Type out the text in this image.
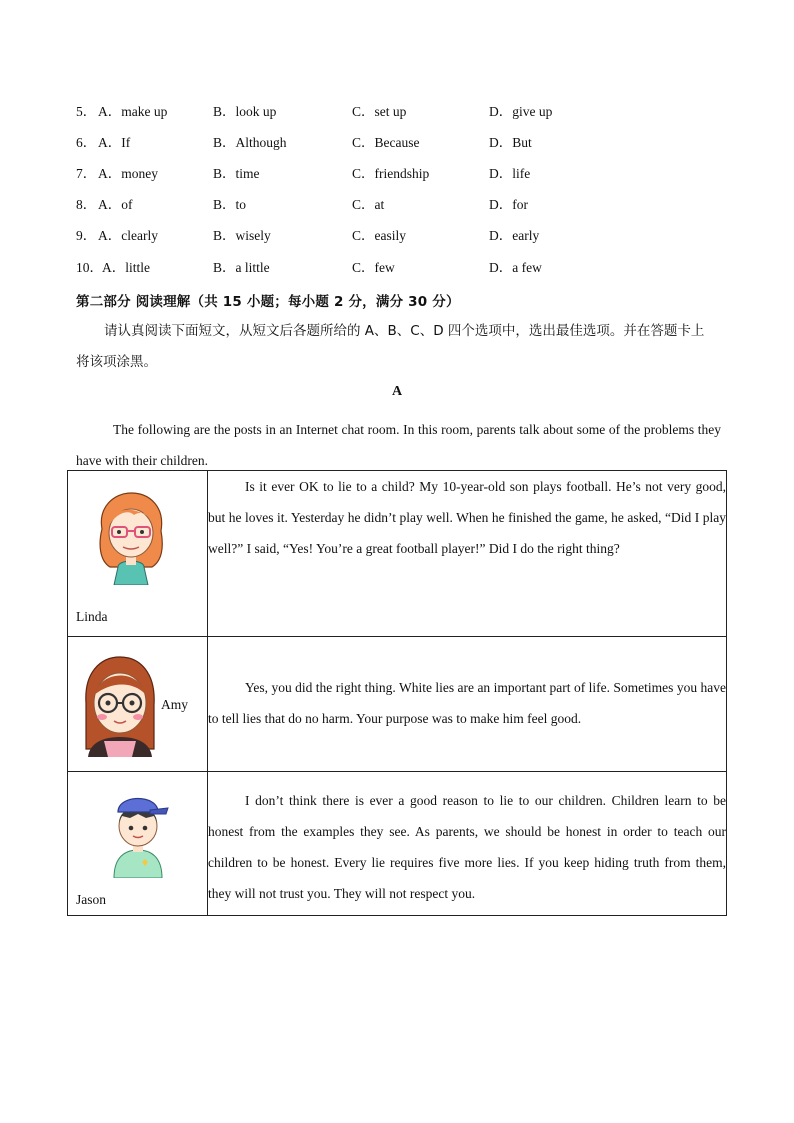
5． A．make up	B．look up	C．set up	D．give up
6． A．If	B．Although	C．Because	D．But
7． A．money	B．time	C．friendship	D．life
8． A．of	B．to	C．at	D．for
9． A．clearly	B．wisely	C．easily	D．early
10． A．little	B．a little	C．few	D．a few
第二部分 阅读理解（共 15 小题；每小题 2 分，满分 30 分）
请认真阅读下面短文，从短文后各题所给的 A、B、C、D 四个选项中，选出最佳选项。并在答题卡上
将该项涂黑。
A
The following are the posts in an Internet chat room. In this room, parents talk about some of the problems they have with their children.
Linda	Is it ever OK to lie to a child? My 10-year-old son plays football. He’s not very good, but he loves it. Yesterday he didn’t play well. When he finished the game, he asked, “Did I play well?” I said, “Yes! You’re a great football player!” Did I do the right thing?

Amy	Yes, you did the right thing. White lies are an important part of life. Sometimes you have to tell lies that do no harm. Your purpose was to make him feel good.

Jason	I don’t think there is ever a good reason to lie to our children. Children learn to be honest from the examples they see. As parents, we should be honest in order to teach our children to be honest. Every lie requires five more lies. If you keep hiding truth from them, they will not trust you. They will not respect you.
